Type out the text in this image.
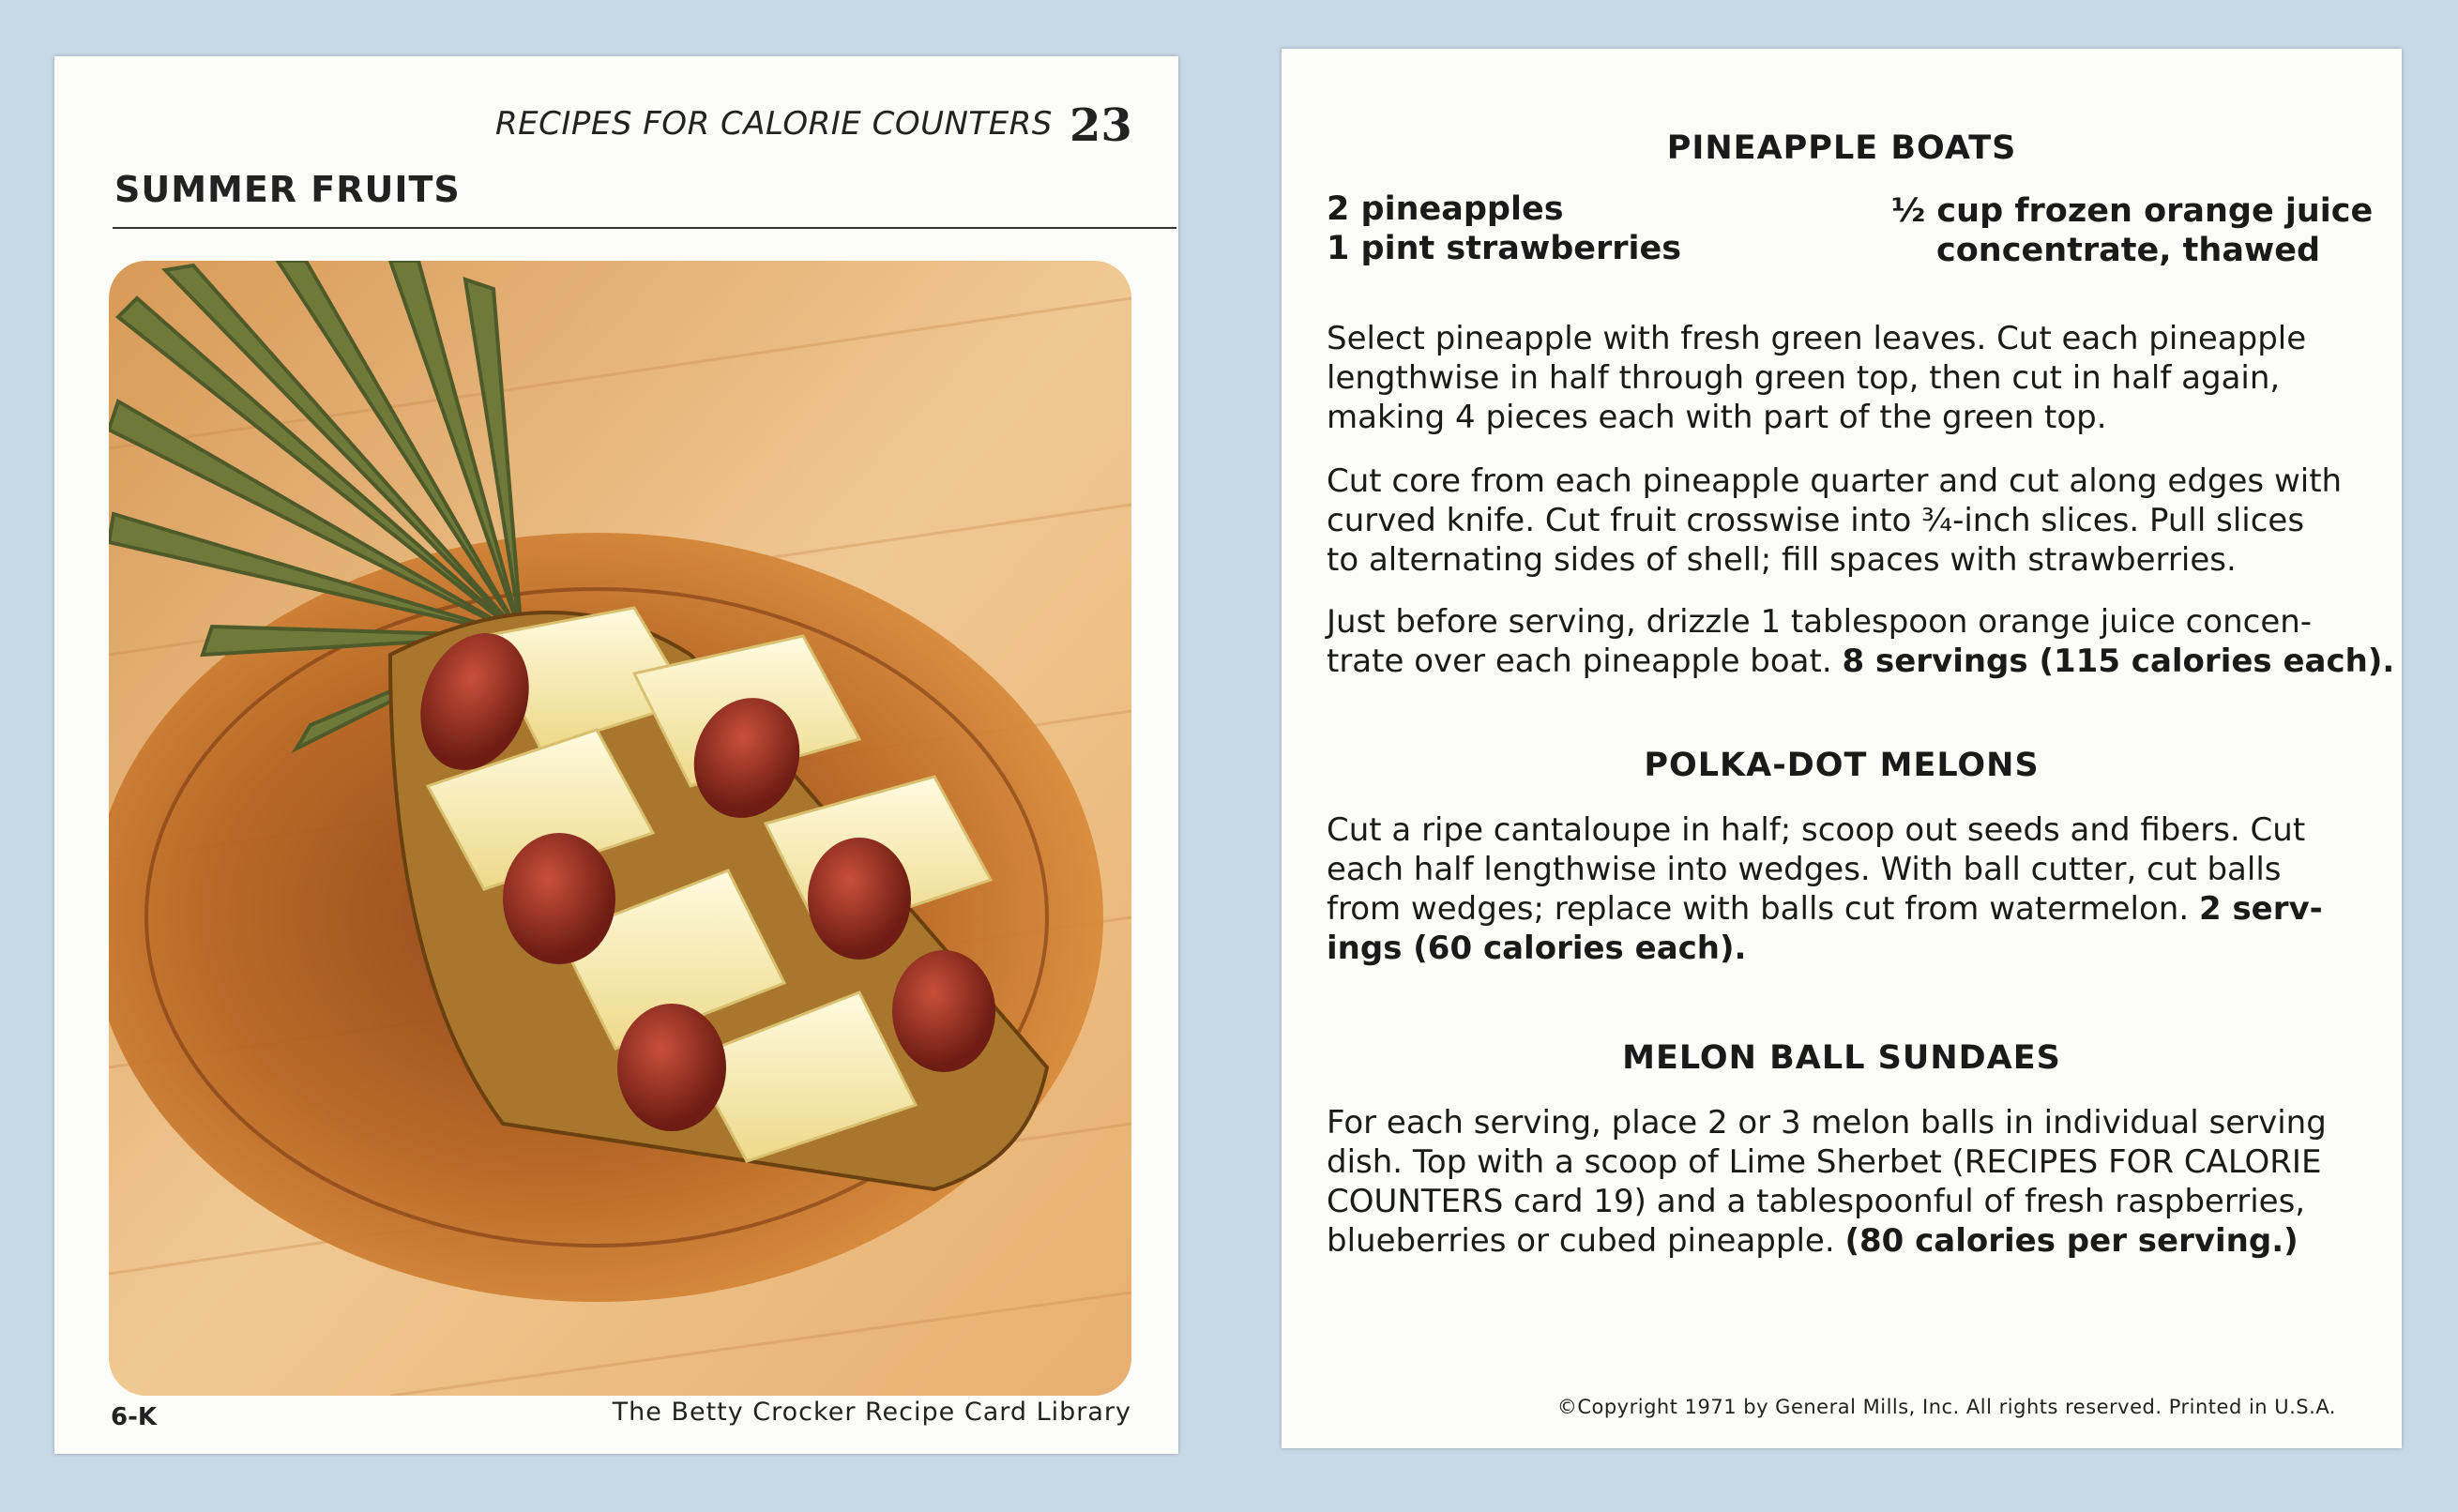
RECIPES FOR CALORIE COUNTERS 23
SUMMER FRUITS
6-K	The Betty Crocker Recipe Card Library
PINEAPPLE BOATS
2 pineapples
1 pint strawberries
½ cup frozen orange juice
concentrate, thawed
Select pineapple with fresh green leaves. Cut each pineapple
lengthwise in half through green top, then cut in half again,
making 4 pieces each with part of the green top.
Cut core from each pineapple quarter and cut along edges with
curved knife. Cut fruit crosswise into ¾-inch slices. Pull slices
to alternating sides of shell; fill spaces with strawberries.
Just before serving, drizzle 1 tablespoon orange juice concen-
trate over each pineapple boat. 8 servings (115 calories each).
POLKA-DOT MELONS
Cut a ripe cantaloupe in half; scoop out seeds and fibers. Cut
each half lengthwise into wedges. With ball cutter, cut balls
from wedges; replace with balls cut from watermelon. 2 serv-
ings (60 calories each).
MELON BALL SUNDAES
For each serving, place 2 or 3 melon balls in individual serving
dish. Top with a scoop of Lime Sherbet (RECIPES FOR CALORIE
COUNTERS card 19) and a tablespoonful of fresh raspberries,
blueberries or cubed pineapple. (80 calories per serving.)
©Copyright 1971 by General Mills, Inc. All rights reserved. Printed in U.S.A.
